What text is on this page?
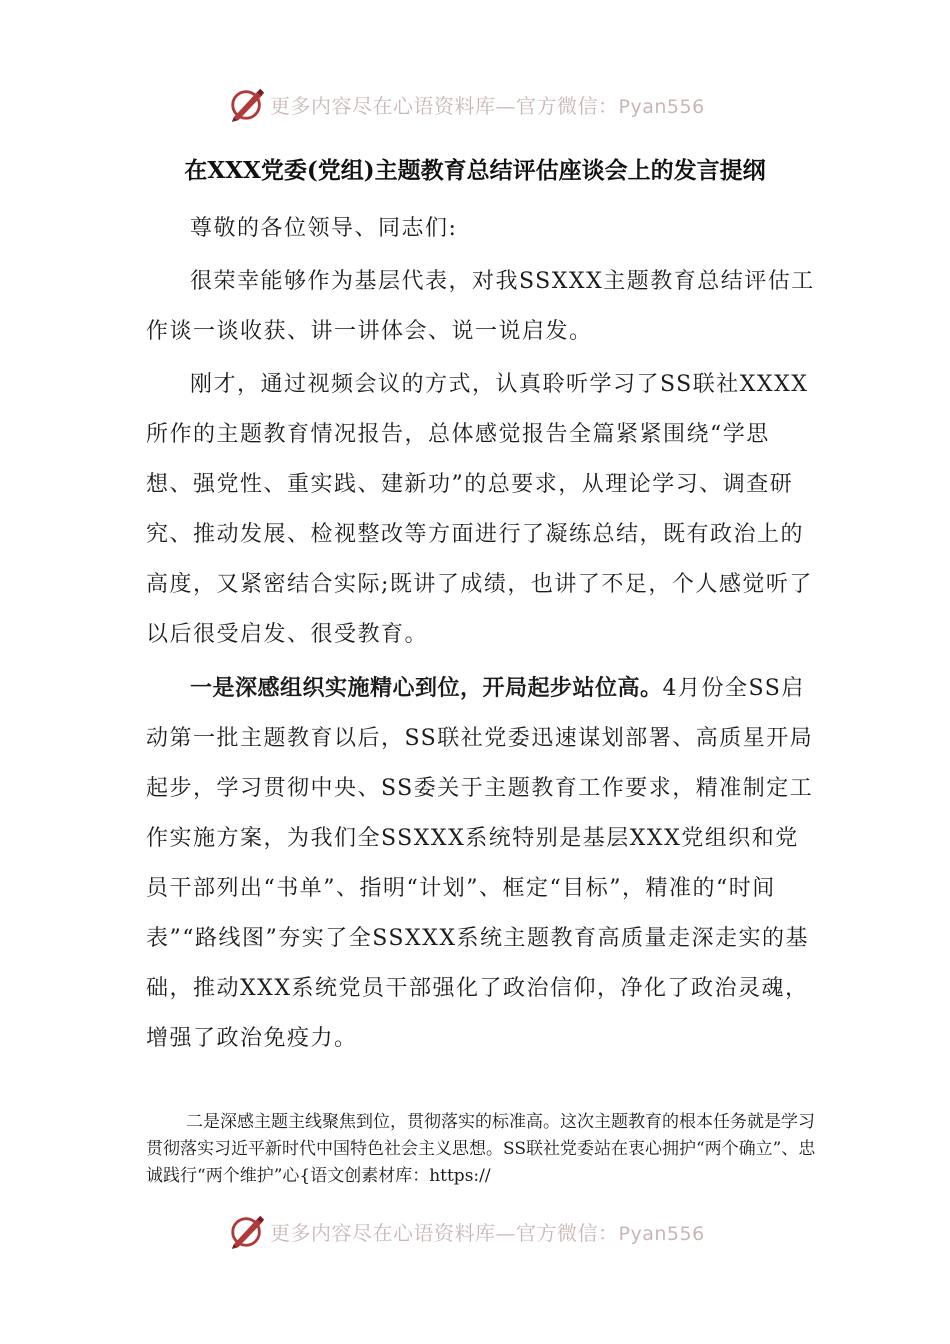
更多内容尽在心语资料库—官方微信：Pyan556
在XXX党委(党组)主题教育总结评估座谈会上的发言提纲

尊敬的各位领导、同志们:

很荣幸能够作为基层代表，对我SSXXX主题教育总结评估工作谈一谈收获、讲一讲体会、说一说启发。

刚才，通过视频会议的方式，认真聆听学习了SS联社XXXX所作的主题教育情况报告，总体感觉报告全篇紧紧围绕“学思想、强党性、重实践、建新功”的总要求，从理论学习、调查研究、推动发展、检视整改等方面进行了凝练总结，既有政治上的高度，又紧密结合实际;既讲了成绩，也讲了不足，个人感觉听了以后很受启发、很受教育。

一是深感组织实施精心到位，开局起步站位高。4月份全SS启动第一批主题教育以后，SS联社党委迅速谋划部署、高质星开局起步，学习贯彻中央、SS委关于主题教育工作要求，精准制定工作实施方案，为我们全SSXXX系统特别是基层XXX党组织和党员干部列出“书单”、指明“计划”、框定“目标”，精准的“时间表”“路线图”夯实了全SSXXX系统主题教育高质量走深走实的基础，推动XXX系统党员干部强化了政治信仰，净化了政治灵魂，增强了政治免疫力。

二是深感主题主线聚焦到位，贯彻落实的标准高。这次主题教育的根本任务就是学习贯彻落实习近平新时代中国特色社会主义思想。SS联社党委站在衷心拥护“两个确立”、忠诚践行“两个维护”心{语文创素材库：https://

更多内容尽在心语资料库—官方微信：Pyan556
